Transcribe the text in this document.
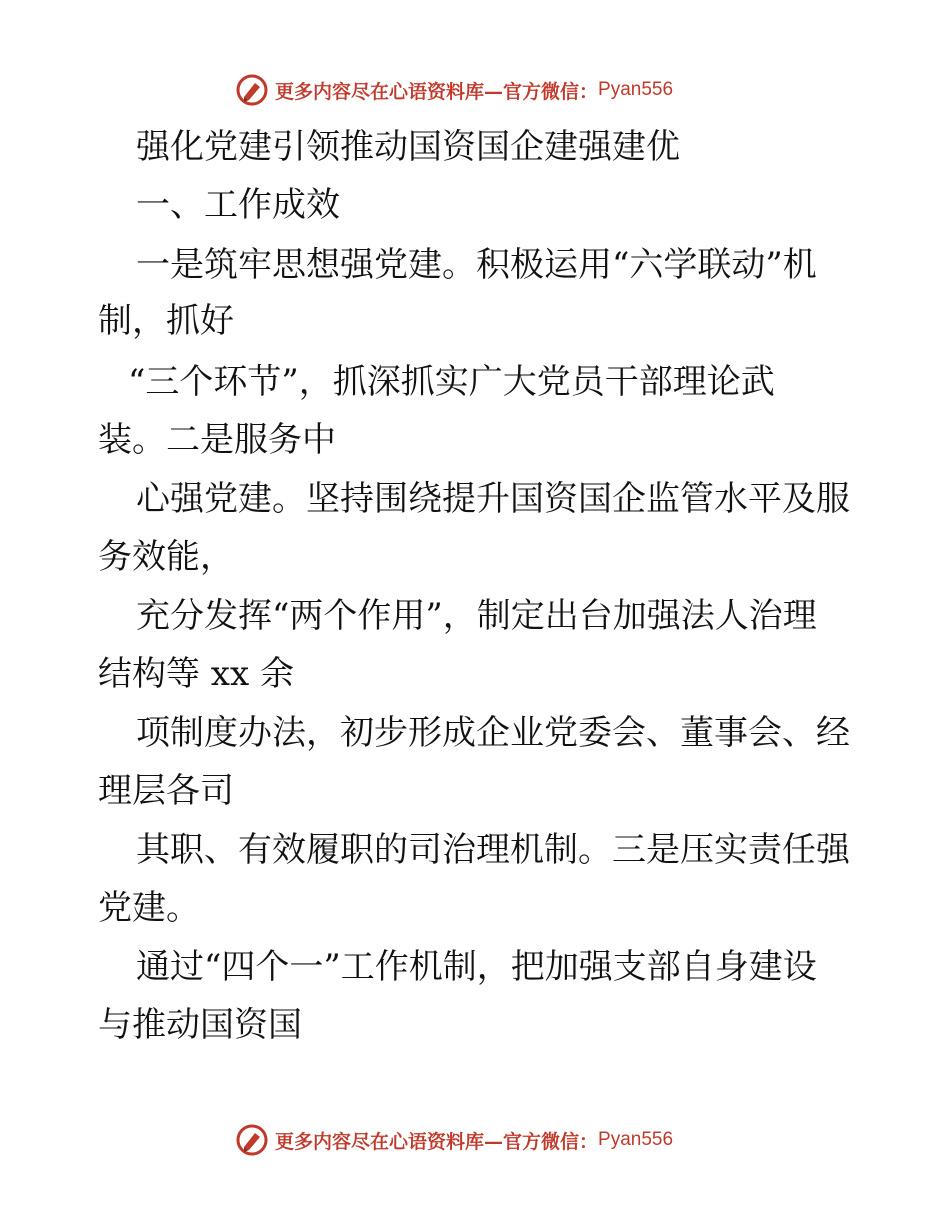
更多内容尽在心语资料库—官方微信： Pyan556
强化党建引领推动国资国企建强建优
一、工作成效
一是筑牢思想强党建。积极运用“六学联动”机
制，抓好
“三个环节”，抓深抓实广大党员干部理论武
装。二是服务中
心强党建。坚持围绕提升国资国企监管水平及服
务效能，
充分发挥“两个作用”，制定出台加强法人治理
结构等 xx 余
项制度办法，初步形成企业党委会、董事会、经
理层各司
其职、有效履职的司治理机制。三是压实责任强
党建。
通过“四个一”工作机制，把加强支部自身建设
与推动国资国
更多内容尽在心语资料库—官方微信： Pyan556
